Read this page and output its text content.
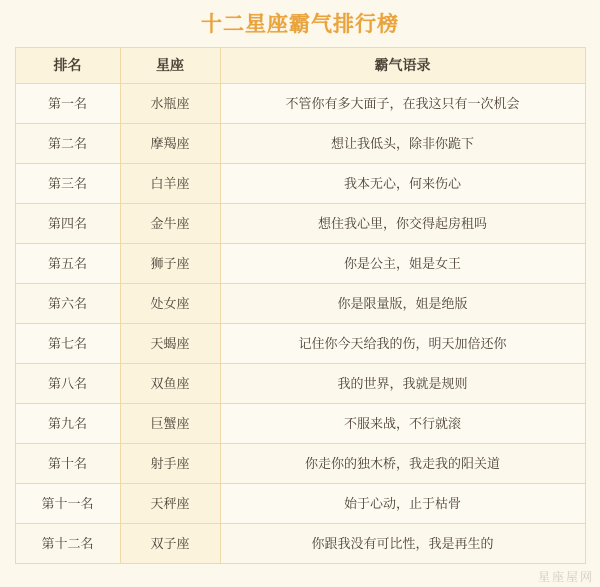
十二星座霸气排行榜
排名	星座	霸气语录
第一名	水瓶座	不管你有多大面子，在我这只有一次机会
第二名	摩羯座	想让我低头，除非你跪下
第三名	白羊座	我本无心，何来伤心
第四名	金牛座	想住我心里，你交得起房租吗
第五名	狮子座	你是公主，姐是女王
第六名	处女座	你是限量版，姐是绝版
第七名	天蝎座	记住你今天给我的伤，明天加倍还你
第八名	双鱼座	我的世界，我就是规则
第九名	巨蟹座	不服来战，不行就滚
第十名	射手座	你走你的独木桥，我走我的阳关道
第十一名	天秤座	始于心动，止于枯骨
第十二名	双子座	你跟我没有可比性，我是再生的
星座屋网
